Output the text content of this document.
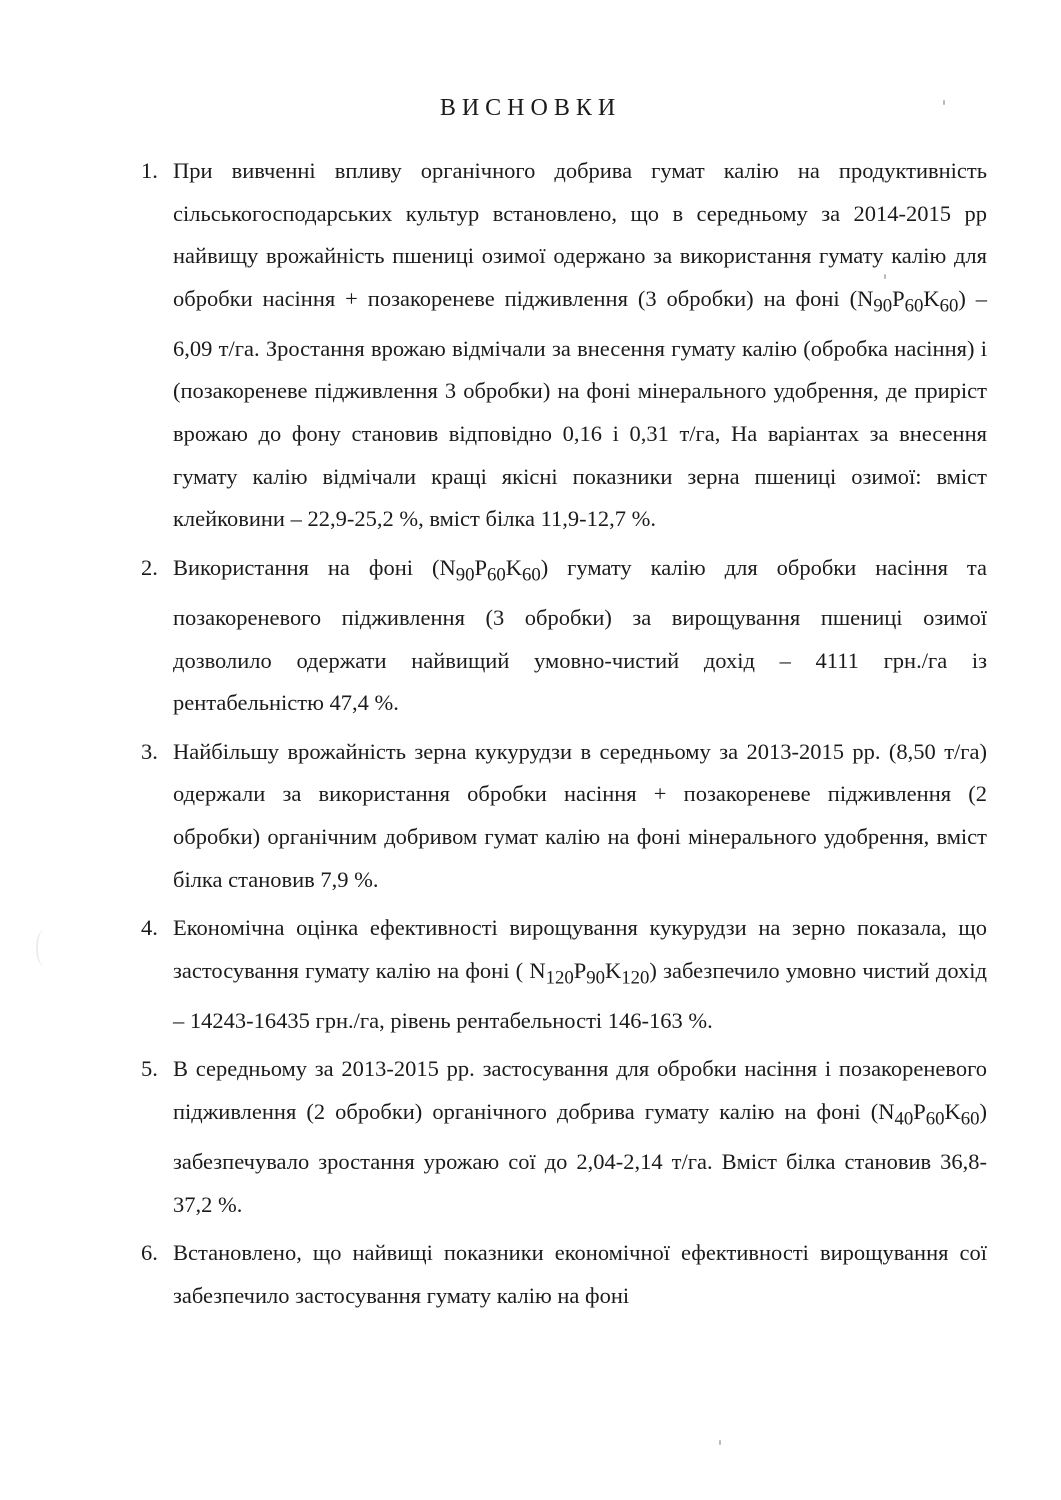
ВИСНОВКИ
1. При вивченні впливу органічного добрива гумат калію на продуктивність сільськогосподарських культур встановлено, що в середньому за 2014-2015 рр найвищу врожайність пшениці озимої одержано за використання гумату калію для обробки насіння + позакореневе підживлення (3 обробки) на фоні $(N_{90}P_{60}K_{60}) - 6,09$ т/га. Зростання врожаю відмічали за внесення гумату калію (обробка насіння) і (позакореневе підживлення 3 обробки) на фоні мінерального удобрення, де приріст врожаю до фону становив відповідно 0,16 і 0,31 т/га, На варіантах за внесення гумату калію відмічали кращі якісні показники зерна пшениці озимої: вміст клейковини – 22,9-25,2 %, вміст білка 11,9-12,7 %.
2. Використання на фоні $(N_{90}P_{60}K_{60})$ гумату калію для обробки насіння та позакореневого підживлення (3 обробки) за вирощування пшениці озимої дозволило одержати найвищий умовно-чистий дохід – 4111 грн./га із рентабельністю 47,4 %.
3. Найбільшу врожайність зерна кукурудзи в середньому за 2013-2015 рр. (8,50 т/га) одержали за використання обробки насіння + позакореневе підживлення (2 обробки) органічним добривом гумат калію на фоні мінерального удобрення, вміст білка становив 7,9 %.
4. Економічна оцінка ефективності вирощування кукурудзи на зерно показала, що застосування гумату калію на фоні ( $N_{120}P_{90}K_{120}$) забезпечило умовно чистий дохід – 14243-16435 грн./га, рівень рентабельності 146-163 %.
5. В середньому за 2013-2015 рр. застосування для обробки насіння і позакореневого підживлення (2 обробки) органічного добрива гумату калію на фоні $(N_{40}P_{60}K_{60})$ забезпечувало зростання урожаю сої до 2,04-2,14 т/га. Вміст білка становив 36,8-37,2 %.
6. Встановлено, що найвищі показники економічної ефективності вирощування сої забезпечило застосування гумату калію на фоні
